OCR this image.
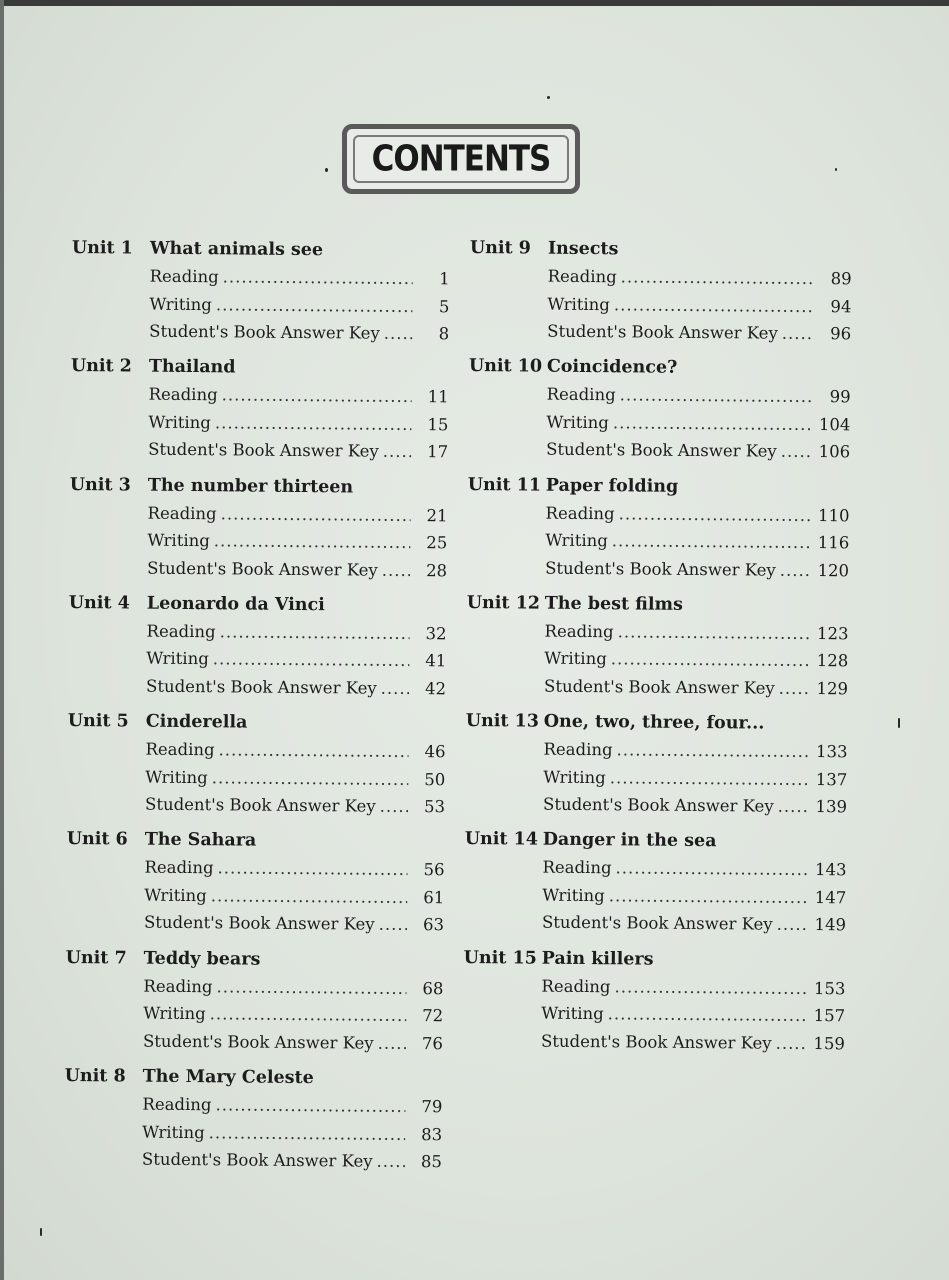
CONTENTS
Unit 1 What animals see
Reading .....	1
Writing .....	5
Student's Book Answer Key .....	8
Unit 2 Thailand
Reading .....	11
Writing .....	15
Student's Book Answer Key .....	17
Unit 3 The number thirteen
Reading .....	21
Writing .....	25
Student's Book Answer Key .....	28
Unit 4 Leonardo da Vinci
Reading .....	32
Writing .....	41
Student's Book Answer Key .....	42
Unit 5 Cinderella
Reading .....	46
Writing .....	50
Student's Book Answer Key .....	53
Unit 6 The Sahara
Reading .....	56
Writing .....	61
Student's Book Answer Key .....	63
Unit 7 Teddy bears
Reading .....	68
Writing .....	72
Student's Book Answer Key .....	76
Unit 8 The Mary Celeste
Reading .....	79
Writing .....	83
Student's Book Answer Key .....	85
Unit 9 Insects
Reading .....	89
Writing .....	94
Student's Book Answer Key .....	96
Unit 10 Coincidence?
Reading .....	99
Writing .....	104
Student's Book Answer Key .....	106
Unit 11 Paper folding
Reading .....	110
Writing .....	116
Student's Book Answer Key .....	120
Unit 12 The best films
Reading .....	123
Writing .....	128
Student's Book Answer Key .....	129
Unit 13 One, two, three, four...
Reading .....	133
Writing .....	137
Student's Book Answer Key .....	139
Unit 14 Danger in the sea
Reading .....	143
Writing .....	147
Student's Book Answer Key .....	149
Unit 15 Pain killers
Reading .....	153
Writing .....	157
Student's Book Answer Key .....	159
